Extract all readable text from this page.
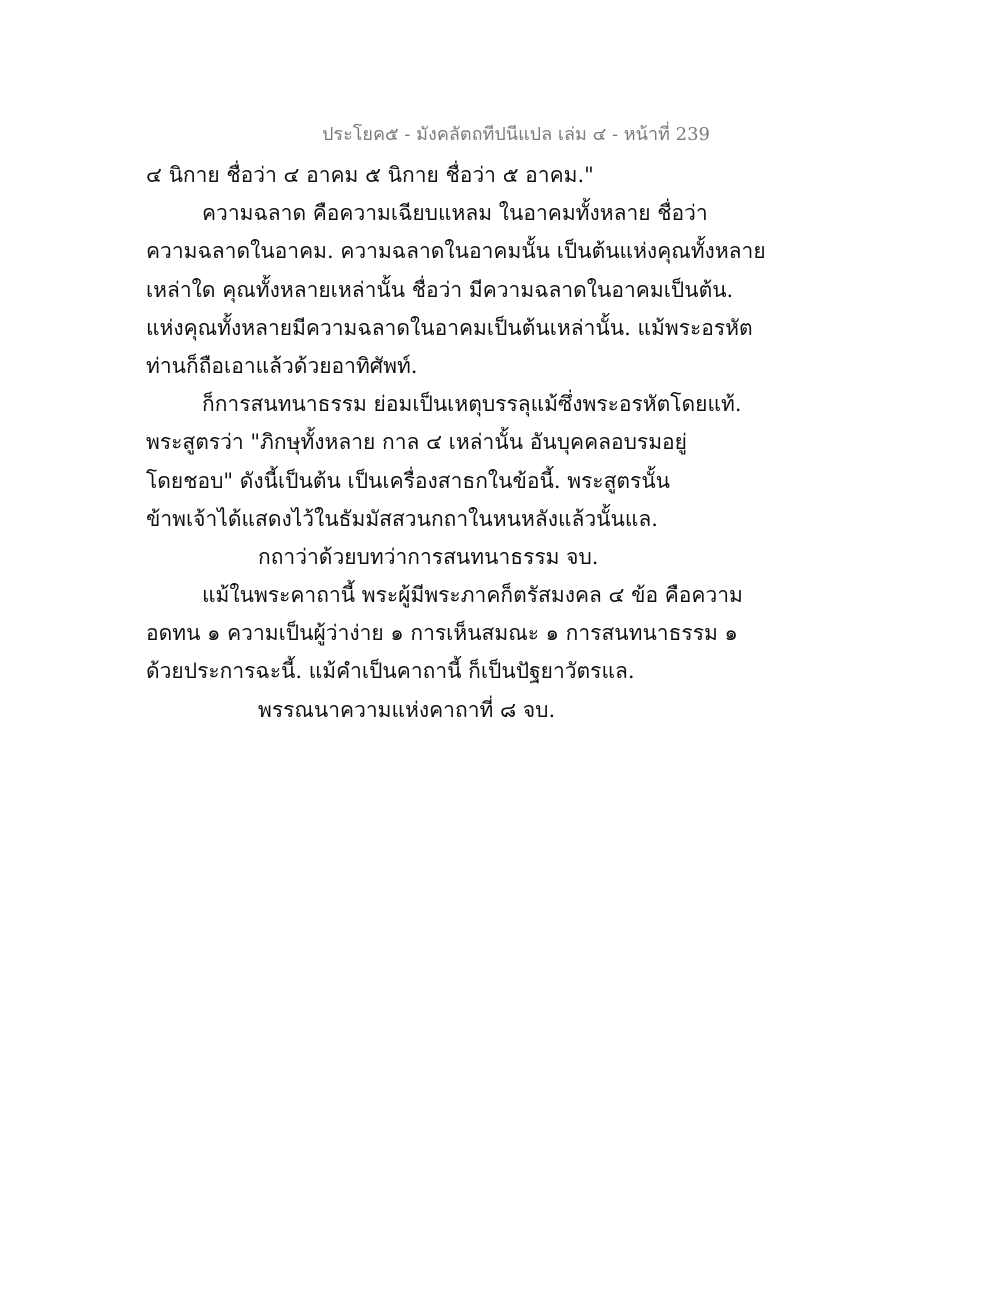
ประโยค๕ - มังคลัตถทีปนีแปล เล่ม ๔ - หน้าที่ 239
๔ นิกาย ชื่อว่า ๔ อาคม ๕ นิกาย ชื่อว่า ๕ อาคม."
ความฉลาด คือความเฉียบแหลม ในอาคมทั้งหลาย ชื่อว่า
ความฉลาดในอาคม. ความฉลาดในอาคมนั้น เป็นต้นแห่งคุณทั้งหลาย
เหล่าใด คุณทั้งหลายเหล่านั้น ชื่อว่า มีความฉลาดในอาคมเป็นต้น.
แห่งคุณทั้งหลายมีความฉลาดในอาคมเป็นต้นเหล่านั้น. แม้พระอรหัต
ท่านก็ถือเอาแล้วด้วยอาทิศัพท์.
ก็การสนทนาธรรม ย่อมเป็นเหตุบรรลุแม้ซึ่งพระอรหัตโดยแท้.
พระสูตรว่า "ภิกษุทั้งหลาย กาล ๔ เหล่านั้น อันบุคคลอบรมอยู่
โดยชอบ" ดังนี้เป็นต้น เป็นเครื่องสาธกในข้อนี้. พระสูตรนั้น
ข้าพเจ้าได้แสดงไว้ในธัมมัสสวนกถาในหนหลังแล้วนั้นแล.
กถาว่าด้วยบทว่าการสนทนาธรรม จบ.
แม้ในพระคาถานี้ พระผู้มีพระภาคก็ตรัสมงคล ๔ ข้อ คือความ
อดทน ๑ ความเป็นผู้ว่าง่าย ๑ การเห็นสมณะ ๑ การสนทนาธรรม ๑
ด้วยประการฉะนี้. แม้คำเป็นคาถานี้ ก็เป็นปัฐยาวัตรแล.
พรรณนาความแห่งคาถาที่ ๘ จบ.
